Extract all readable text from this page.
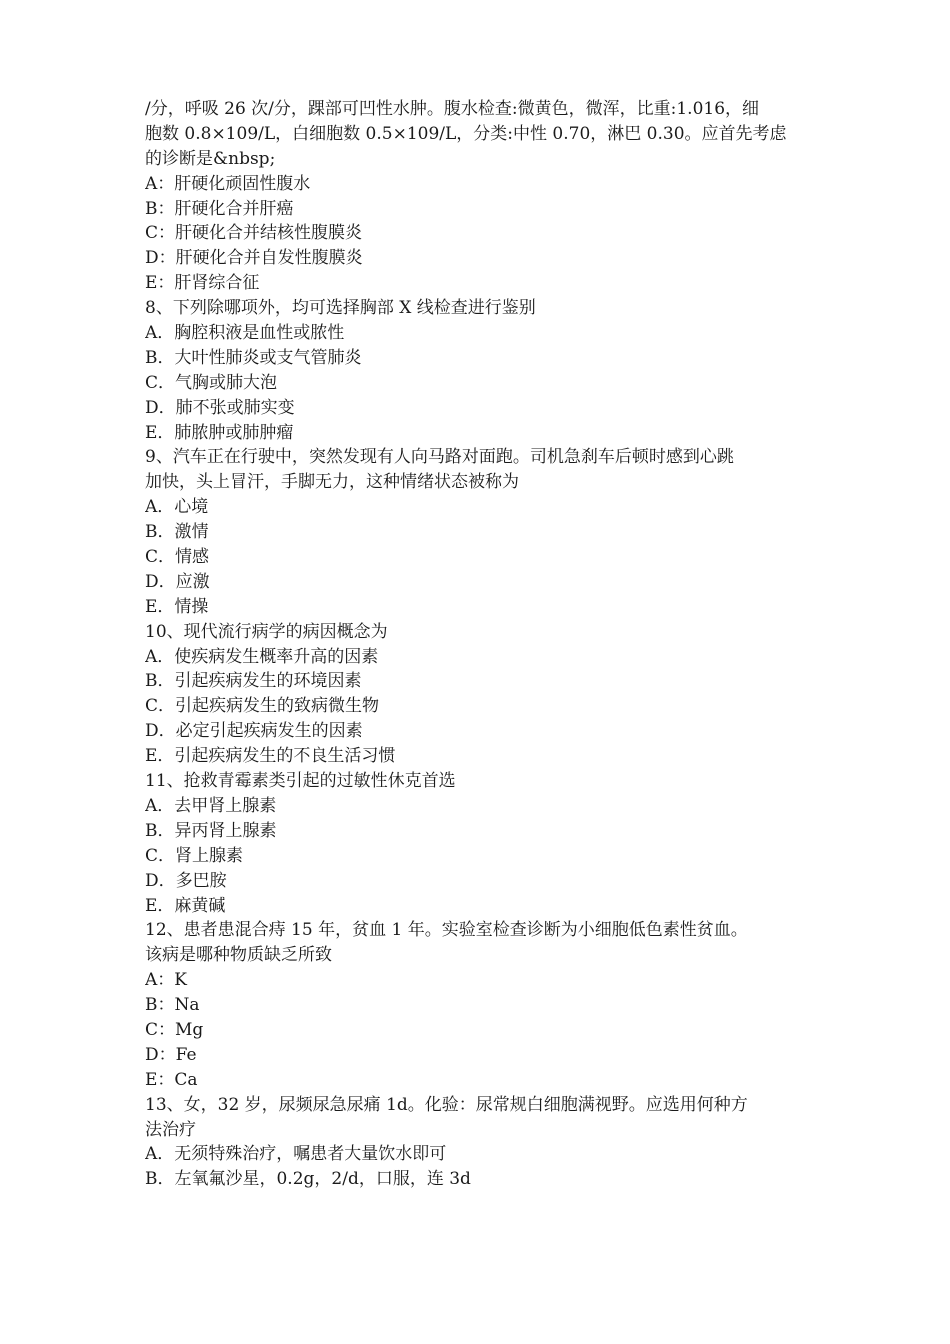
/分，呼吸 26 次/分，踝部可凹性水肿。腹水检查:微黄色，微浑，比重:1.016，细
胞数 0.8×109/L，白细胞数 0.5×109/L，分类:中性 0.70，淋巴 0.30。应首先考虑
的诊断是&nbsp;
A：肝硬化顽固性腹水
B：肝硬化合并肝癌
C：肝硬化合并结核性腹膜炎
D：肝硬化合并自发性腹膜炎
E：肝肾综合征
8、下列除哪项外，均可选择胸部 X 线检查进行鉴别
A．胸腔积液是血性或脓性
B．大叶性肺炎或支气管肺炎
C．气胸或肺大泡
D．肺不张或肺实变
E．肺脓肿或肺肿瘤
9、汽车正在行驶中，突然发现有人向马路对面跑。司机急刹车后顿时感到心跳
加快，头上冒汗，手脚无力，这种情绪状态被称为
A．心境
B．激情
C．情感
D．应激
E．情操
10、现代流行病学的病因概念为
A．使疾病发生概率升高的因素
B．引起疾病发生的环境因素
C．引起疾病发生的致病微生物
D．必定引起疾病发生的因素
E．引起疾病发生的不良生活习惯
11、抢救青霉素类引起的过敏性休克首选
A．去甲肾上腺素
B．异丙肾上腺素
C．肾上腺素
D．多巴胺
E．麻黄碱
12、患者患混合痔 15 年，贫血 1 年。实验室检查诊断为小细胞低色素性贫血。
该病是哪种物质缺乏所致
A：K
B：Na
C：Mg
D：Fe
E：Ca
13、女，32 岁，尿频尿急尿痛 1d。化验：尿常规白细胞满视野。应选用何种方
法治疗
A．无须特殊治疗，嘱患者大量饮水即可
B．左氧氟沙星，0.2g，2/d，口服，连 3d
